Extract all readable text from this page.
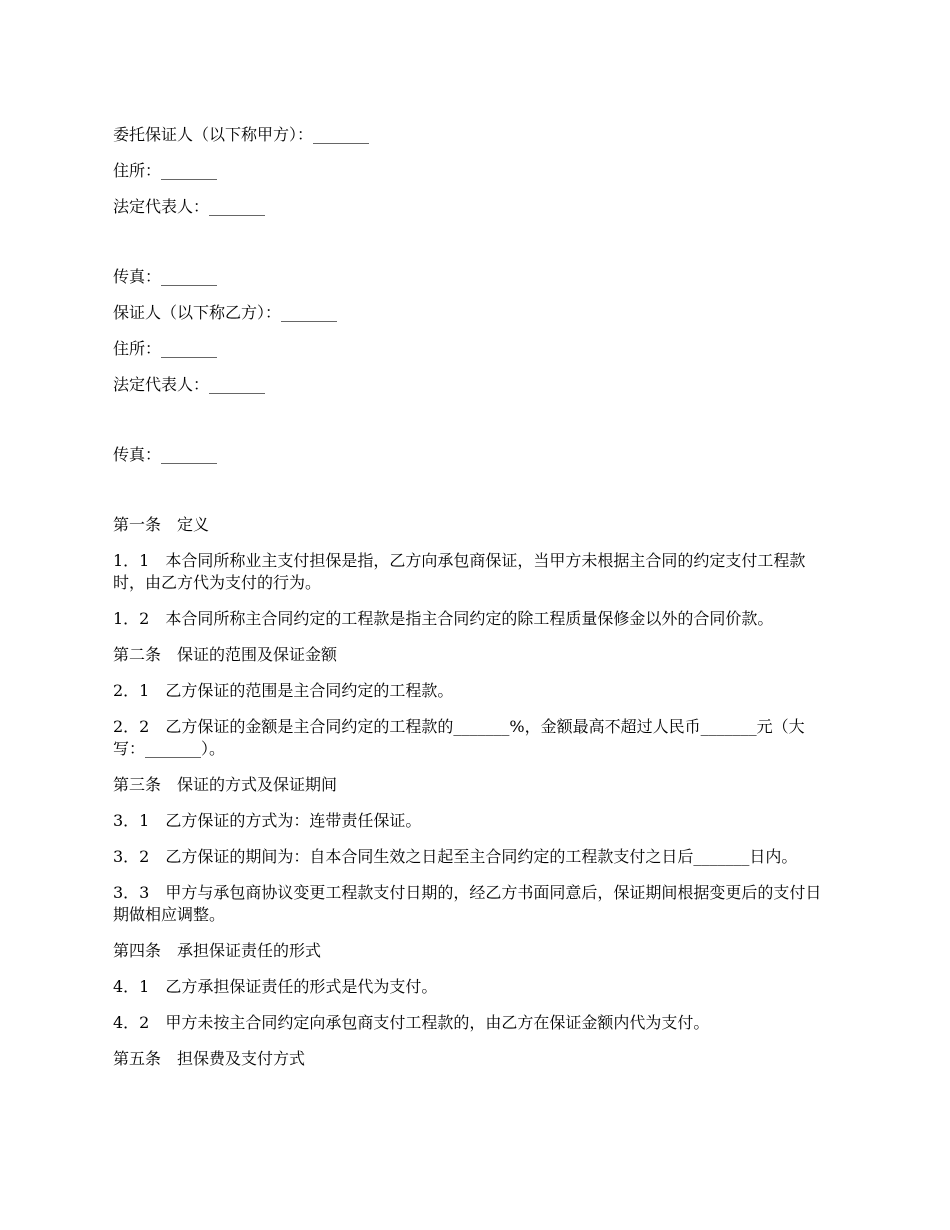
委托保证人（以下称甲方）：_______
住所：_______
法定代表人：_______
传真：_______
保证人（以下称乙方）：_______
住所：_______
法定代表人：_______
传真：_______
第一条　定义
1．1　本合同所称业主支付担保是指，乙方向承包商保证，当甲方未根据主合同的约定支付工程款时，由乙方代为支付的行为。
1．2　本合同所称主合同约定的工程款是指主合同约定的除工程质量保修金以外的合同价款。
第二条　保证的范围及保证金额
2．1　乙方保证的范围是主合同约定的工程款。
2．2　乙方保证的金额是主合同约定的工程款的_______%，金额最高不超过人民币_______元（大写：_______）。
第三条　保证的方式及保证期间
3．1　乙方保证的方式为：连带责任保证。
3．2　乙方保证的期间为：自本合同生效之日起至主合同约定的工程款支付之日后_______日内。
3．3　甲方与承包商协议变更工程款支付日期的，经乙方书面同意后，保证期间根据变更后的支付日期做相应调整。
第四条　承担保证责任的形式
4．1　乙方承担保证责任的形式是代为支付。
4．2　甲方未按主合同约定向承包商支付工程款的，由乙方在保证金额内代为支付。
第五条　担保费及支付方式
